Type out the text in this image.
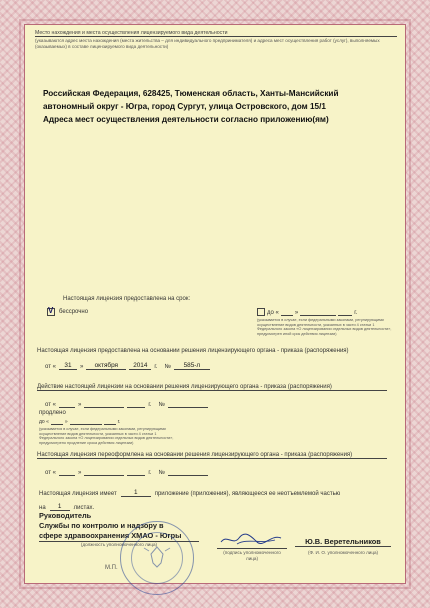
Место нахождения и места осуществления лицензируемого вида деятельности
(указываются адрес места нахождения (места жительства – для индивидуального предпринимателя) и адреса мест осуществления работ (услуг), выполняемых (оказываемых) в составе лицензируемого вида деятельности)
Российская Федерация, 628425, Тюменская область, Ханты-Мансийский
автономный округ - Югра, город Сургут, улица Островского, дом 15/1
Адреса мест осуществления деятельности согласно приложению(ям)
Настоящая лицензия предоставлена на срок:
V бессрочно	до «	»	г.
(указывается в случае, если федеральными законами, регулирующими осуществление видов деятельности, указанных в части 4 статьи 1 Федерального закона «О лицензировании отдельных видов деятельности», предусмотрен иной срок действия лицензии)
Настоящая лицензия предоставлена на основании решения лицензирующего органа - приказа (распоряжения)
от «	31	»	октября	2014	г. №	585-л
Действие настоящей лицензии на основании решения лицензирующего органа - приказа (распоряжения)
от «	»	г. №
продлено
до «	»	г.
(указывается в случае, если федеральными законами, регулирующими осуществление видов деятельности, указанных в части 4 статьи 1 Федерального закона «О лицензировании отдельных видов деятельности», предусмотрено продление срока действия лицензии)
Настоящая лицензия переоформлена на основании решения лицензирующего органа - приказа (распоряжения)
от «	»	г. №
Настоящая лицензия имеет	1	приложение (приложения), являющееся ее неотъемлемой частью
на	1	листах.
Руководитель
Службы по контролю и надзору в
сфере здравоохранения ХМАО - Югры
(должность уполномоченного лица)
(подпись уполномоченного лица)
Ю.В. Веретельников
(Ф. И. О. уполномоченного лица)
М.П.
